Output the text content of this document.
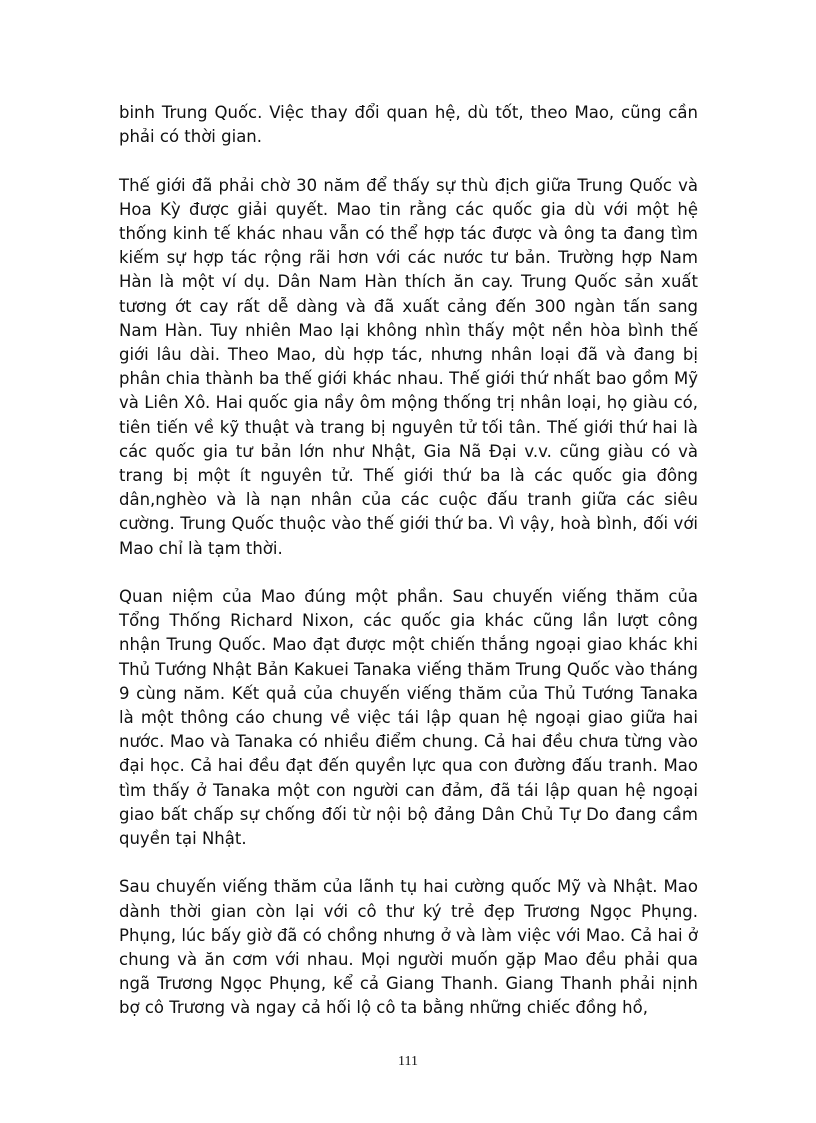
binh Trung Quốc. Việc thay đổi quan hệ, dù tốt, theo Mao, cũng cần phải có thời gian.

Thế giới đã phải chờ 30 năm để thấy sự thù địch giữa Trung Quốc và Hoa Kỳ được giải quyết. Mao tin rằng các quốc gia dù với một hệ thống kinh tế khác nhau vẫn có thể hợp tác được và ông ta đang tìm kiếm sự hợp tác rộng rãi hơn với các nước tư bản. Trường hợp Nam Hàn là một ví dụ. Dân Nam Hàn thích ăn cay. Trung Quốc sản xuất tương ớt cay rất dễ dàng và đã xuất cảng đến 300 ngàn tấn sang Nam Hàn. Tuy nhiên Mao lại không nhìn thấy một nền hòa bình thế giới lâu dài. Theo Mao, dù hợp tác, nhưng nhân loại đã và đang bị phân chia thành ba thế giới khác nhau. Thế giới thứ nhất bao gồm Mỹ và Liên Xô. Hai quốc gia nầy ôm mộng thống trị nhân loại, họ giàu có, tiên tiến về kỹ thuật và trang bị nguyên tử tối tân. Thế giới thứ hai là các quốc gia tư bản lớn như Nhật, Gia Nã Đại v.v. cũng giàu có và trang bị một ít nguyên tử. Thế giới thứ ba là các quốc gia đông dân,nghèo và là nạn nhân của các cuộc đấu tranh giữa các siêu cường. Trung Quốc thuộc vào thế giới thứ ba. Vì vậy, hoà bình, đối với Mao chỉ là tạm thời.

Quan niệm của Mao đúng một phần. Sau chuyến viếng thăm của Tổng Thống Richard Nixon, các quốc gia khác cũng lần lượt công nhận Trung Quốc. Mao đạt được một chiến thắng ngoại giao khác khi Thủ Tướng Nhật Bản Kakuei Tanaka viếng thăm Trung Quốc vào tháng 9 cùng năm. Kết quả của chuyến viếng thăm của Thủ Tướng Tanaka là một thông cáo chung về việc tái lập quan hệ ngoại giao giữa hai nước. Mao và Tanaka có nhiều điểm chung. Cả hai đều chưa từng vào đại học. Cả hai đều đạt đến quyền lực qua con đường đấu tranh. Mao tìm thấy ở Tanaka một con người can đảm, đã tái lập quan hệ ngoại giao bất chấp sự chống đối từ nội bộ đảng Dân Chủ Tự Do đang cầm quyền tại Nhật.

Sau chuyến viếng thăm của lãnh tụ hai cường quốc Mỹ và Nhật. Mao dành thời gian còn lại với cô thư ký trẻ đẹp Trương Ngọc Phụng. Phụng, lúc bấy giờ đã có chồng nhưng ở và làm việc với Mao. Cả hai ở chung và ăn cơm với nhau. Mọi người muốn gặp Mao đều phải qua ngã Trương Ngọc Phụng, kể cả Giang Thanh. Giang Thanh phải nịnh bợ cô Trương và ngay cả hối lộ cô ta bằng những chiếc đồng hồ,

111
